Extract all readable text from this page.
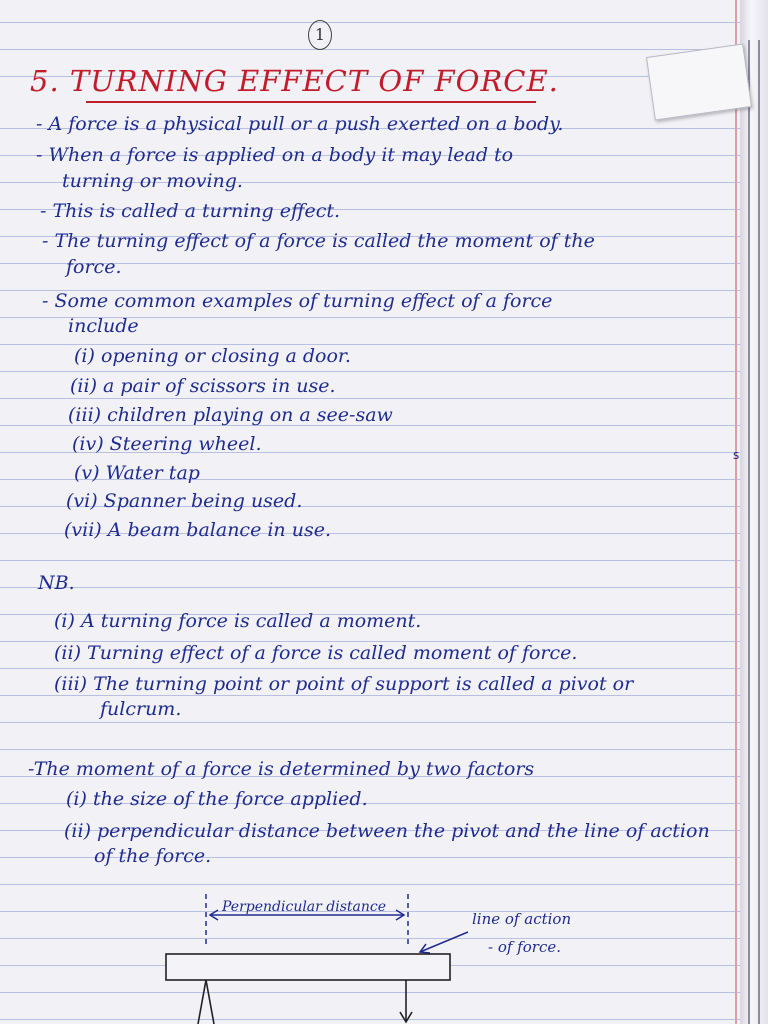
s
1
5. TURNING EFFECT OF FORCE.
- A force is a physical pull or a push exerted on a body.
- When a force is applied on a body it may lead to
turning or moving.
- This is called a turning effect.
- The turning effect of a force is called the moment of the
force.
- Some common examples of turning effect of a force
include
(i) opening or closing a door.
(ii) a pair of scissors in use.
(iii) children playing on a see-saw
(iv) Steering wheel.
(v) Water tap
(vi) Spanner being used.
(vii) A beam balance in use.
NB.
(i) A turning force is called a moment.
(ii) Turning effect of a force is called moment of force.
(iii) The turning point or point of support is called a pivot or
fulcrum.
-The moment of a force is determined by two factors
(i) the size of the force applied.
(ii) perpendicular distance between the pivot and the line of action
of the force.
Perpendicular distance
line of action
- of force.
